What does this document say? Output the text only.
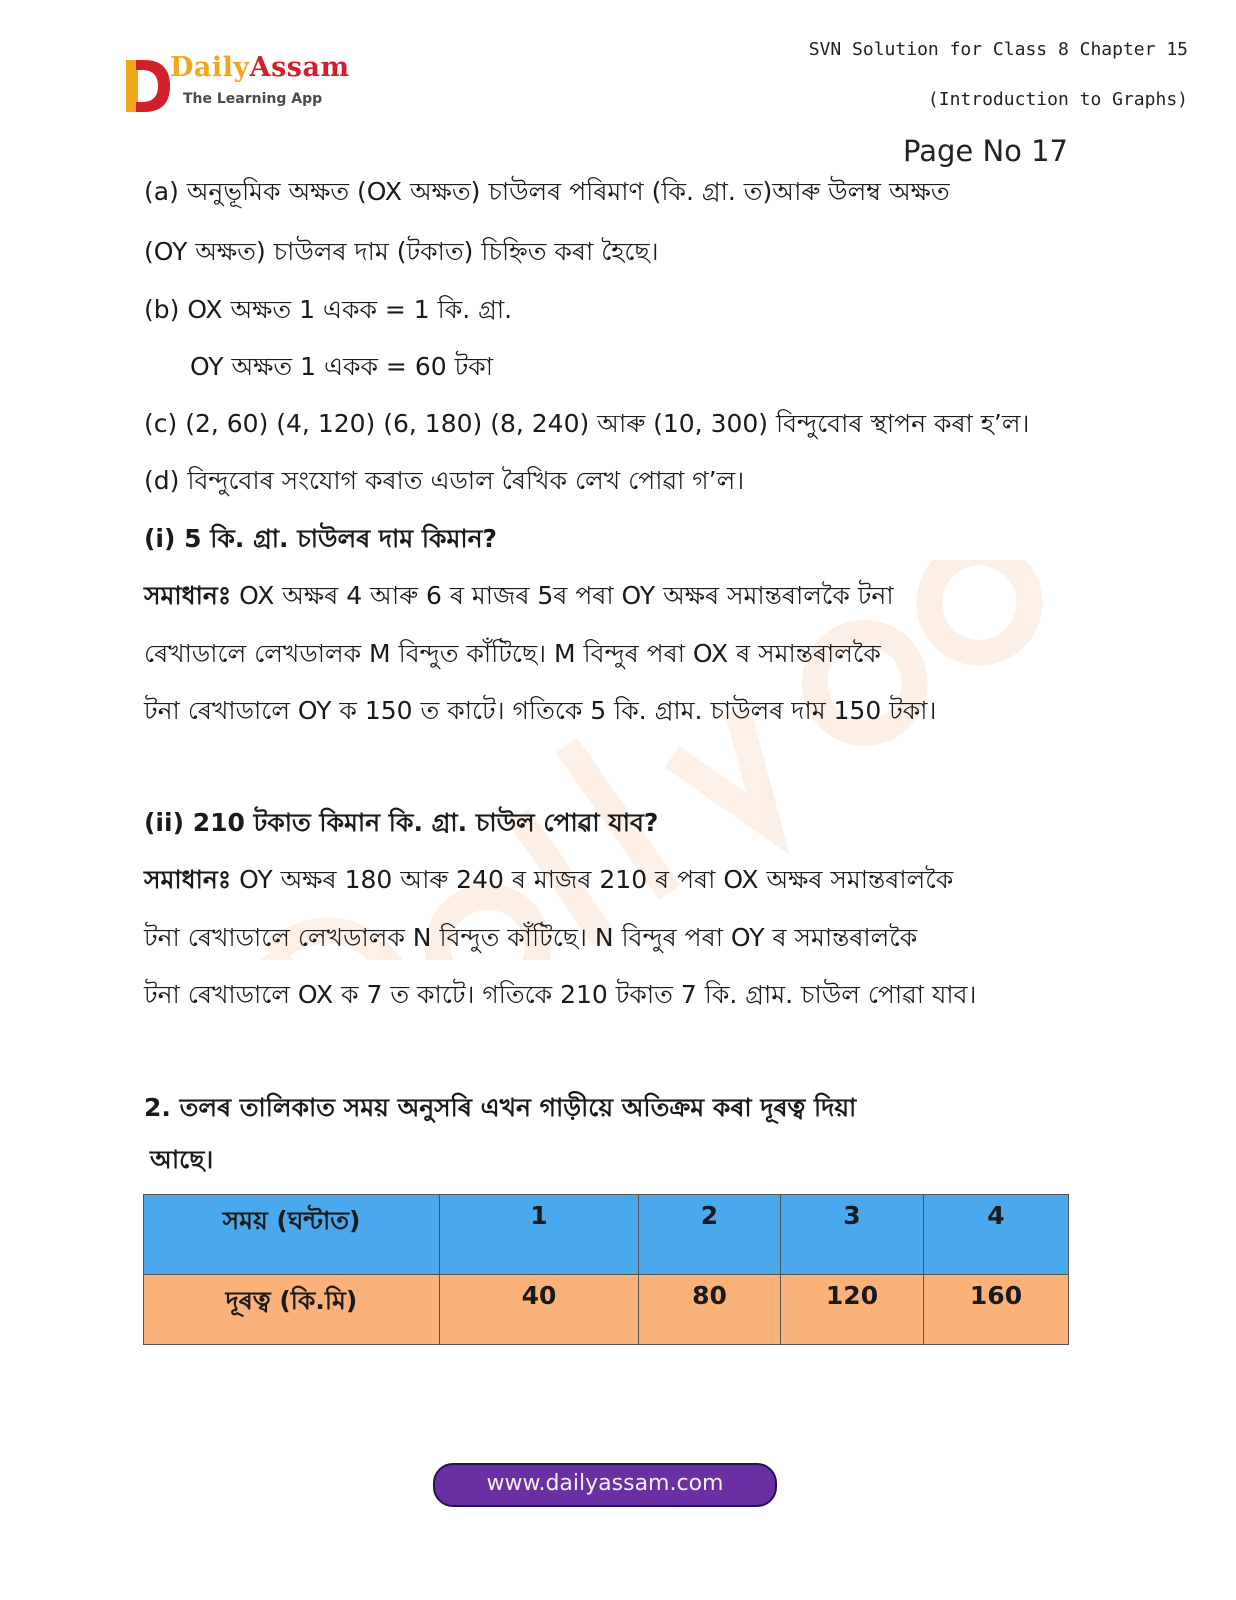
DailyAssam
The Learning App
SVN Solution for Class 8 Chapter 15
(Introduction to Graphs)
Page No 17
(a) অনুভূমিক অক্ষত (OX অক্ষত) চাউলৰ পৰিমাণ (কি. গ্ৰা. ত)আৰু উলম্ব অক্ষত
(OY অক্ষত) চাউলৰ দাম (টকাত) চিহ্নিত কৰা হৈছে।
(b) OX অক্ষত 1 একক = 1 কি. গ্ৰা.
OY অক্ষত 1 একক = 60 টকা
(c) (2, 60) (4, 120) (6, 180) (8, 240) আৰু (10, 300) বিন্দুবোৰ স্থাপন কৰা হ’ল।
(d) বিন্দুবোৰ সংযোগ কৰাত এডাল ৰৈখিক লেখ পোৱা গ’ল।
(i) 5 কি. গ্ৰা. চাউলৰ দাম কিমান?
সমাধানঃ OX অক্ষৰ 4 আৰু 6 ৰ মাজৰ 5ৰ পৰা OY অক্ষৰ সমান্তৰালকৈ টনা
ৰেখাডালে লেখডালক M বিন্দুত কাঁটিছে। M বিন্দুৰ পৰা OX ৰ সমান্তৰালকৈ
টনা ৰেখাডালে OY ক 150 ত কাটে। গতিকে 5 কি. গ্ৰাম. চাউলৰ দাম 150 টকা।
(ii) 210 টকাত কিমান কি. গ্ৰা. চাউল পোৱা যাব?
সমাধানঃ OY অক্ষৰ 180 আৰু 240 ৰ মাজৰ 210 ৰ পৰা OX অক্ষৰ সমান্তৰালকৈ
টনা ৰেখাডালে লেখডালক N বিন্দুত কাঁটিছে। N বিন্দুৰ পৰা OY ৰ সমান্তৰালকৈ
টনা ৰেখাডালে OX ক 7 ত কাটে। গতিকে 210 টকাত 7 কি. গ্ৰাম. চাউল পোৱা যাব।
2. তলৰ তালিকাত সময় অনুসৰি এখন গাড়ীয়ে অতিক্ৰম কৰা দূৰত্ব দিয়া
আছে।
সময় (ঘন্টাত)	1	2	3	4
দূৰত্ব (কি.মি)	40	80	120	160
www.dailyassam.com
